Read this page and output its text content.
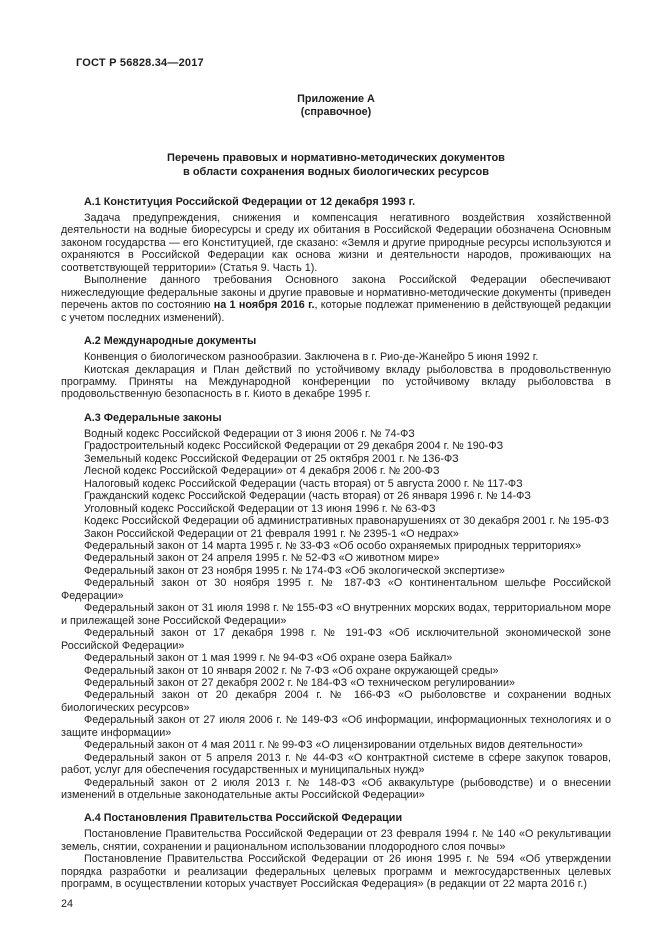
ГОСТ Р 56828.34—2017
Приложение А
(справочное)
Перечень правовых и нормативно-методических документов
в области сохранения водных биологических ресурсов
А.1 Конституция Российской Федерации от 12 декабря 1993 г.

Задача предупреждения, снижения и компенсация негативного воздействия хозяйственной деятельности на водные биоресурсы и среду их обитания в Российской Федерации обозначена Основным законом государства — его Конституцией, где сказано: «Земля и другие природные ресурсы используются и охраняются в Российской Федерации как основа жизни и деятельности народов, проживающих на соответствующей территории» (Статья 9. Часть 1).

Выполнение данного требования Основного закона Российской Федерации обеспечивают нижеследующие федеральные законы и другие правовые и нормативно-методические документы (приведен перечень актов по состоянию на 1 ноября 2016 г., которые подлежат применению в действующей редакции с учетом последних изменений).

А.2 Международные документы

Конвенция о биологическом разнообразии. Заключена в г. Рио-де-Жанейро 5 июня 1992 г.

Киотская декларация и План действий по устойчивому вкладу рыболовства в продовольственную программу. Приняты на Международной конференции по устойчивому вкладу рыболовства в продовольственную безопасность в г. Киото в декабре 1995 г.

А.3 Федеральные законы

Водный кодекс Российской Федерации от 3 июня 2006 г. № 74-ФЗ

Градостроительный кодекс Российской Федерации от 29 декабря 2004 г. № 190-ФЗ

Земельный кодекс Российской Федерации от 25 октября 2001 г. № 136-ФЗ

Лесной кодекс Российской Федерации» от 4 декабря 2006 г. № 200-ФЗ

Налоговый кодекс Российской Федерации (часть вторая) от 5 августа 2000 г. № 117-ФЗ

Гражданский кодекс Российской Федерации (часть вторая) от 26 января 1996 г. № 14-ФЗ

Уголовный кодекс Российской Федерации от 13 июня 1996 г. № 63-ФЗ

Кодекс Российской Федерации об административных правонарушениях от 30 декабря 2001 г. № 195-ФЗ

Закон Российской Федерации от 21 февраля 1991 г. № 2395-1 «О недрах»

Федеральный закон от 14 марта 1995 г. № 33-ФЗ «Об особо охраняемых природных территориях»

Федеральный закон от 24 апреля 1995 г. № 52-ФЗ «О животном мире»

Федеральный закон от 23 ноября 1995 г. № 174-ФЗ «Об экологической экспертизе»

Федеральный закон от 30 ноября 1995 г. № 187-ФЗ «О континентальном шельфе Российской Федерации»

Федеральный закон от 31 июля 1998 г. № 155-ФЗ «О внутренних морских водах, территориальном море и прилежащей зоне Российской Федерации»

Федеральный закон от 17 декабря 1998 г. № 191-ФЗ «Об исключительной экономической зоне Российской Федерации»

Федеральный закон от 1 мая 1999 г. № 94-ФЗ «Об охране озера Байкал»

Федеральный закон от 10 января 2002 г. № 7-ФЗ «Об охране окружающей среды»

Федеральный закон от 27 декабря 2002 г. № 184-ФЗ «О техническом регулировании»

Федеральный закон от 20 декабря 2004 г. № 166-ФЗ «О рыболовстве и сохранении водных биологических ресурсов»

Федеральный закон от 27 июля 2006 г. № 149-ФЗ «Об информации, информационных технологиях и о защите информации»

Федеральный закон от 4 мая 2011 г. № 99-ФЗ «О лицензировании отдельных видов деятельности»

Федеральный закон от 5 апреля 2013 г. № 44-ФЗ «О контрактной системе в сфере закупок товаров, работ, услуг для обеспечения государственных и муниципальных нужд»

Федеральный закон от 2 июля 2013 г. № 148-ФЗ «Об аквакультуре (рыбоводстве) и о внесении изменений в отдельные законодательные акты Российской Федерации»

А.4 Постановления Правительства Российской Федерации

Постановление Правительства Российской Федерации от 23 февраля 1994 г. № 140 «О рекультивации земель, снятии, сохранении и рациональном использовании плодородного слоя почвы»

Постановление Правительства Российской Федерации от 26 июня 1995 г. № 594 «Об утверждении порядка разработки и реализации федеральных целевых программ и межгосударственных целевых программ, в осуществлении которых участвует Российская Федерация» (в редакции от 22 марта 2016 г.)

24
